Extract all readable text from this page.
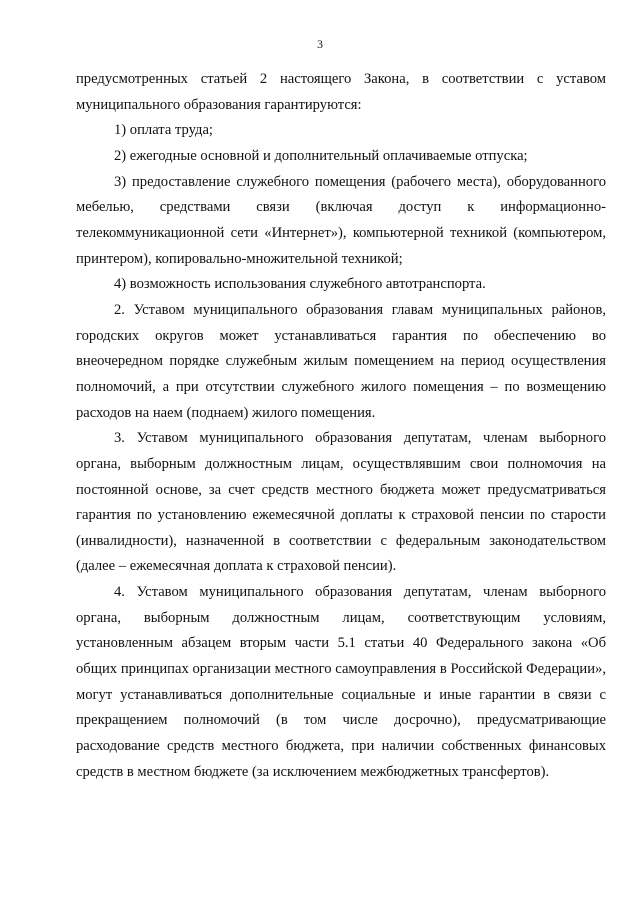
3

предусмотренных статьей 2 настоящего Закона, в соответствии с уставом муниципального образования гарантируются:

1) оплата труда;

2) ежегодные основной и дополнительный оплачиваемые отпуска;

3) предоставление служебного помещения (рабочего места), оборудованного мебелью, средствами связи (включая доступ к информационно-телекоммуникационной сети «Интернет»), компьютерной техникой (компьютером, принтером), копировально-множительной техникой;

4) возможность использования служебного автотранспорта.

2. Уставом муниципального образования главам муниципальных районов, городских округов может устанавливаться гарантия по обеспечению во внеочередном порядке служебным жилым помещением на период осуществления полномочий, а при отсутствии служебного жилого помещения – по возмещению расходов на наем (поднаем) жилого помещения.

3. Уставом муниципального образования депутатам, членам выборного органа, выборным должностным лицам, осуществлявшим свои полномочия на постоянной основе, за счет средств местного бюджета может предусматриваться гарантия по установлению ежемесячной доплаты к страховой пенсии по старости (инвалидности), назначенной в соответствии с федеральным законодательством (далее – ежемесячная доплата к страховой пенсии).

4. Уставом муниципального образования депутатам, членам выборного органа, выборным должностным лицам, соответствующим условиям, установленным абзацем вторым части 5.1 статьи 40 Федерального закона «Об общих принципах организации местного самоуправления в Российской Федерации», могут устанавливаться дополнительные социальные и иные гарантии в связи с прекращением полномочий (в том числе досрочно), предусматривающие расходование средств местного бюджета, при наличии собственных финансовых средств в местном бюджете (за исключением межбюджетных трансфертов).
